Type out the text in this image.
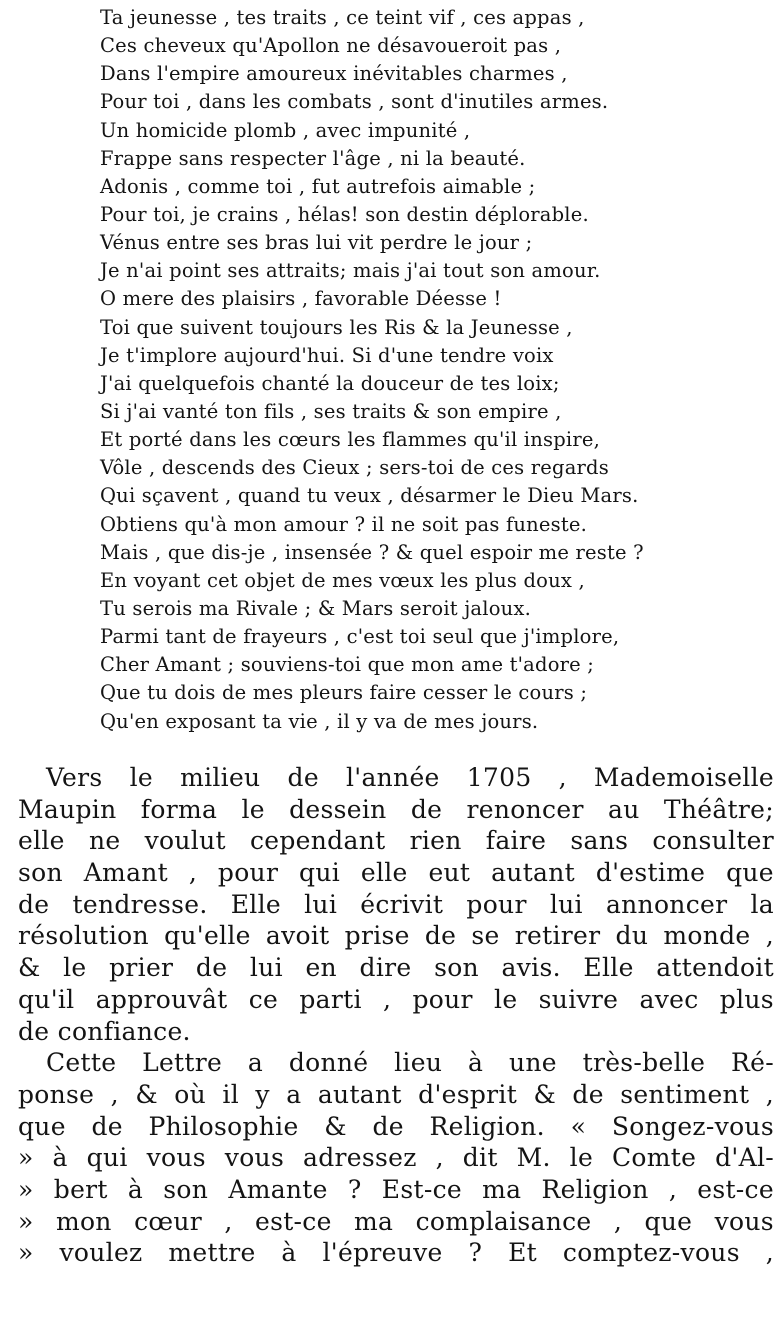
Ta jeunesse , tes traits , ce teint vif , ces appas ,
Ces cheveux qu'Apollon ne désavoueroit pas ,
Dans l'empire amoureux inévitables charmes ,
Pour toi , dans les combats , sont d'inutiles armes.
Un homicide plomb , avec impunité ,
Frappe sans respecter l'âge , ni la beauté.
Adonis , comme toi , fut autrefois aimable ;
Pour toi, je crains , hélas! son destin déplorable.
Vénus entre ses bras lui vit perdre le jour ;
Je n'ai point ses attraits; mais j'ai tout son amour.
O mere des plaisirs , favorable Déesse !
Toi que suivent toujours les Ris & la Jeunesse ,
Je t'implore aujourd'hui. Si d'une tendre voix
J'ai quelquefois chanté la douceur de tes loix;
Si j'ai vanté ton fils , ses traits & son empire ,
Et porté dans les cœurs les flammes qu'il inspire,
Vôle , descends des Cieux ; sers-toi de ces regards
Qui sçavent , quand tu veux , désarmer le Dieu Mars.
Obtiens qu'à mon amour ? il ne soit pas funeste.
Mais , que dis-je , insensée ? & quel espoir me reste ?
En voyant cet objet de mes vœux les plus doux ,
Tu serois ma Rivale ; & Mars seroit jaloux.
Parmi tant de frayeurs , c'est toi seul que j'implore,
Cher Amant ; souviens-toi que mon ame t'adore ;
Que tu dois de mes pleurs faire cesser le cours ;
Qu'en exposant ta vie , il y va de mes jours.
Vers le milieu de l'année 1705 , Mademoiselle
Maupin forma le dessein de renoncer au Théâtre;
elle ne voulut cependant rien faire sans consulter
son Amant , pour qui elle eut autant d'estime que
de tendresse. Elle lui écrivit pour lui annoncer la
résolution qu'elle avoit prise de se retirer du monde ,
& le prier de lui en dire son avis. Elle attendoit
qu'il approuvât ce parti , pour le suivre avec plus
de confiance.
Cette Lettre a donné lieu à une très-belle Ré-
ponse , & où il y a autant d'esprit & de sentiment ,
que de Philosophie & de Religion. « Songez-vous
» à qui vous vous adressez , dit M. le Comte d'Al-
» bert à son Amante ? Est-ce ma Religion , est-ce
» mon cœur , est-ce ma complaisance , que vous
» voulez mettre à l'épreuve ? Et comptez-vous ,
